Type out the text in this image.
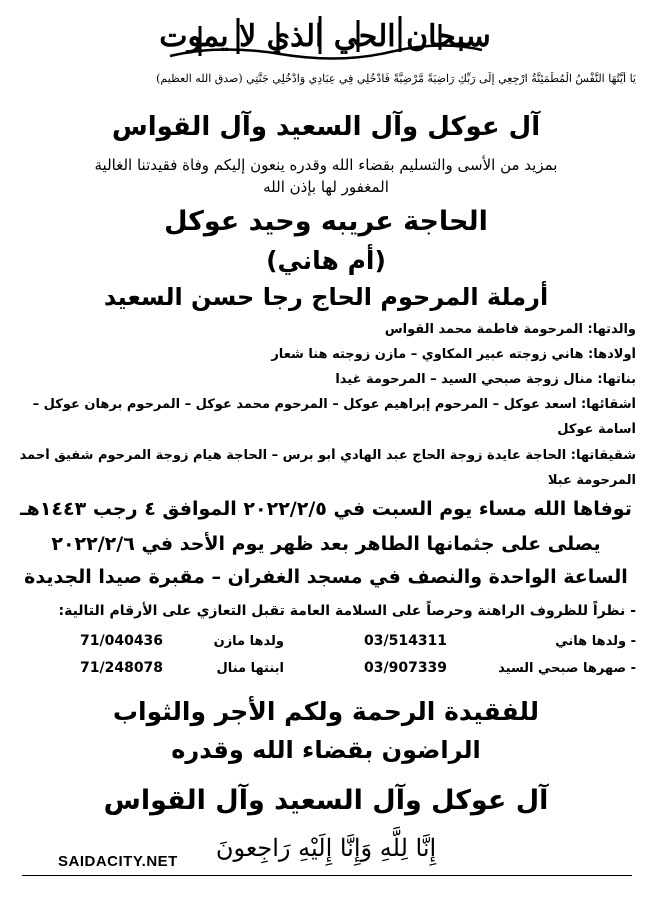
سبحان الحي الذي لا يموت
يَا أَيَّتُهَا النَّفْسُ الْمُطْمَئِنَّةُ ارْجِعِي إِلَى رَبِّكِ رَاضِيَةً مَّرْضِيَّةً فَادْخُلِي فِي عِبَادِي وَادْخُلِي جَنَّتِي (صدق الله العظيم)
آل عوكل وآل السعيد وآل القواس
بمزيد من الأسى والتسليم بقضاء الله وقدره ينعون إليكم وفاة فقيدتنا الغالية
المغفور لها بإذن الله
الحاجة عريبه وحيد عوكل
(أم هاني)
أرملة المرحوم الحاج رجا حسن السعيد
والدتها: المرحومة فاطمة محمد القواس
أولادها: هاني زوجته عبير المكاوي – مازن زوجته هنا شعار
بناتها: منال زوجة صبحي السيد – المرحومة غيدا
أشقائها: أسعد عوكل – المرحوم إبراهيم عوكل – المرحوم محمد عوكل – المرحوم برهان عوكل –
أسامة عوكل
شقيقاتها: الحاجة عايدة زوجة الحاج عبد الهادي أبو برس – الحاجة هيام زوجة المرحوم شفيق أحمد
المرحومة عبلا
توفاها الله مساء يوم السبت في ٢٠٢٢/٢/٥ الموافق ٤ رجب ١٤٤٣هـ
يصلى على جثمانها الطاهر بعد ظهر يوم الأحد في ٢٠٢٢/٢/٦
الساعة الواحدة والنصف في مسجد الغفران – مقبرة صيدا الجديدة
- نظراً للظروف الراهنة وحرصاً على السلامة العامة تقبل التعازي على الأرقام التالية:
- ولدها هاني
03/514311
ولدها مازن
71/040436
- صهرها صبحي السيد
03/907339
ابنتها منال
71/248078
للفقيدة الرحمة ولكم الأجر والثواب
الراضون بقضاء الله وقدره
آل عوكل وآل السعيد وآل القواس
إِنَّا لِلَّهِ وَإِنَّا إِلَيْهِ رَاجِعونَ
SAIDACITY.NET
